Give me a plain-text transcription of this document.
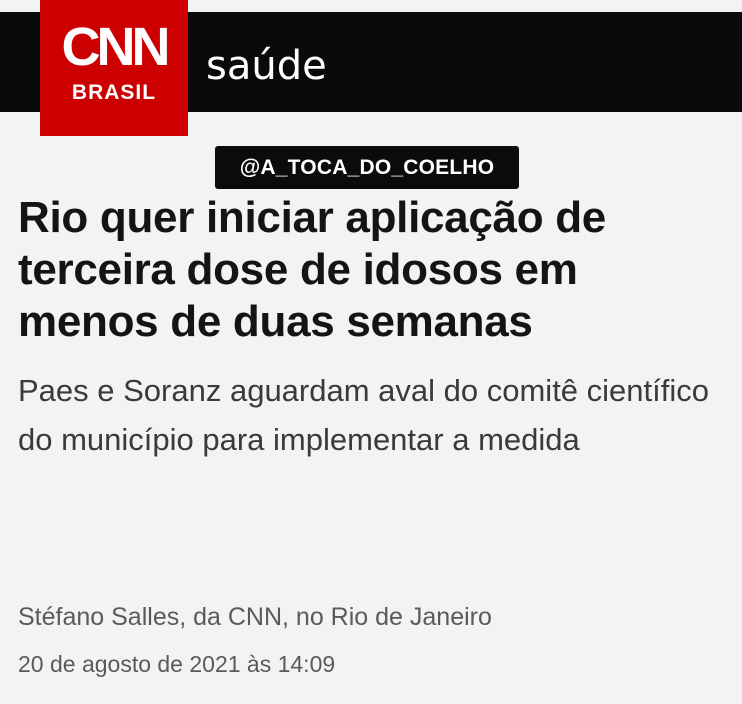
saúde
CNN
BRASIL
@A_TOCA_DO_COELHO
Rio quer iniciar aplicação de terceira dose de idosos em menos de duas semanas

Paes e Soranz aguardam aval do comitê científico do município para implementar a medida

Stéfano Salles, da CNN, no Rio de Janeiro
20 de agosto de 2021 às 14:09
